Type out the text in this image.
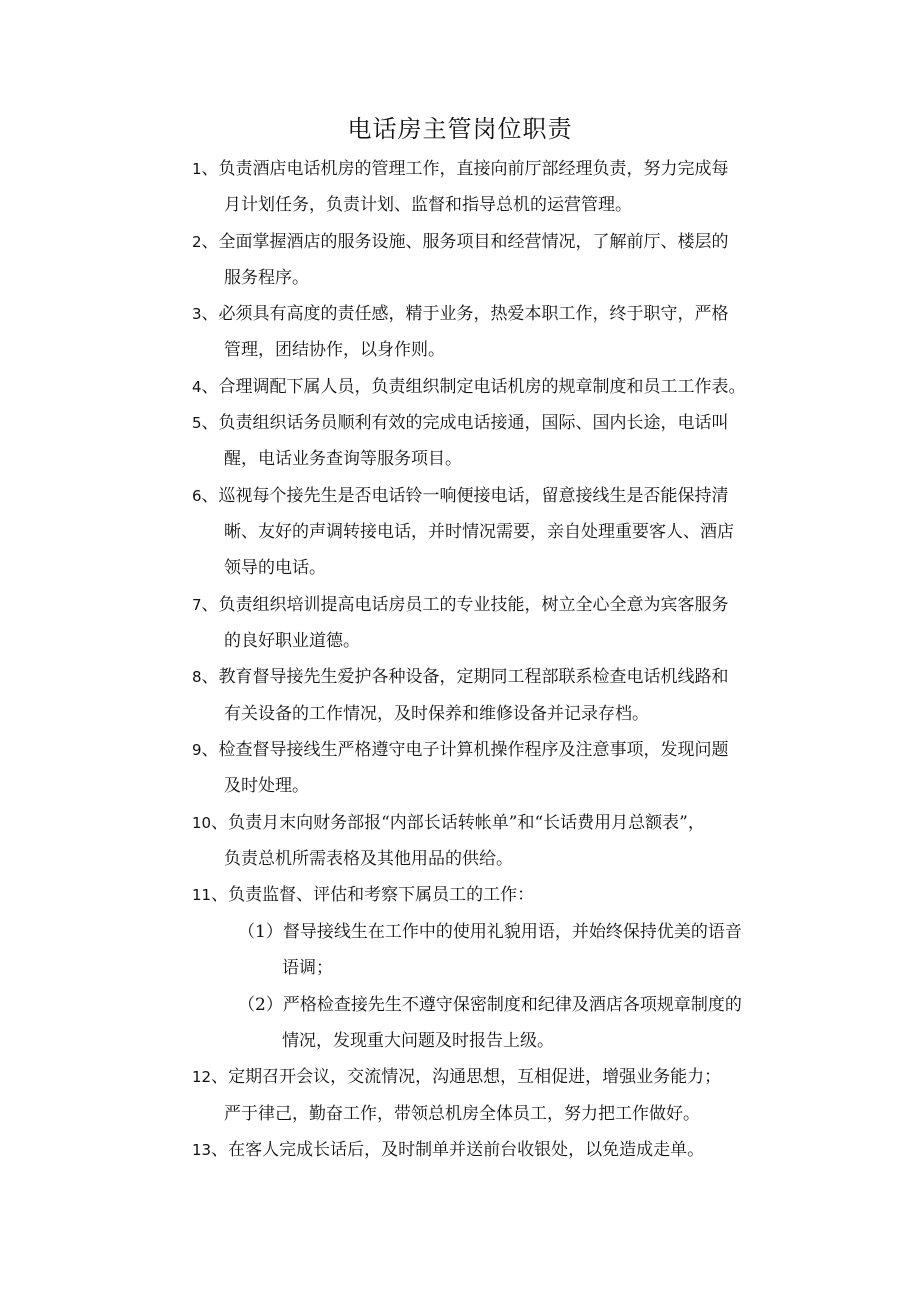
电话房主管岗位职责
1、负责酒店电话机房的管理工作，直接向前厅部经理负责，努力完成每
月计划任务，负责计划、监督和指导总机的运营管理。
2、全面掌握酒店的服务设施、服务项目和经营情况，了解前厅、楼层的
服务程序。
3、必须具有高度的责任感，精于业务，热爱本职工作，终于职守，严格
管理，团结协作，以身作则。
4、合理调配下属人员，负责组织制定电话机房的规章制度和员工工作表。
5、负责组织话务员顺利有效的完成电话接通，国际、国内长途，电话叫
醒，电话业务查询等服务项目。
6、巡视每个接先生是否电话铃一响便接电话，留意接线生是否能保持清
晰、友好的声调转接电话，并时情况需要，亲自处理重要客人、酒店
领导的电话。
7、负责组织培训提高电话房员工的专业技能，树立全心全意为宾客服务
的良好职业道德。
8、教育督导接先生爱护各种设备，定期同工程部联系检查电话机线路和
有关设备的工作情况，及时保养和维修设备并记录存档。
9、检查督导接线生严格遵守电子计算机操作程序及注意事项，发现问题
及时处理。
10、负责月末向财务部报“内部长话转帐单”和“长话费用月总额表”，
负责总机所需表格及其他用品的供给。
11、负责监督、评估和考察下属员工的工作：
（1）督导接线生在工作中的使用礼貌用语，并始终保持优美的语音
语调；
（2）严格检查接先生不遵守保密制度和纪律及酒店各项规章制度的
情况，发现重大问题及时报告上级。
12、定期召开会议，交流情况，沟通思想，互相促进，增强业务能力；
严于律己，勤奋工作，带领总机房全体员工，努力把工作做好。
13、在客人完成长话后，及时制单并送前台收银处，以免造成走单。
